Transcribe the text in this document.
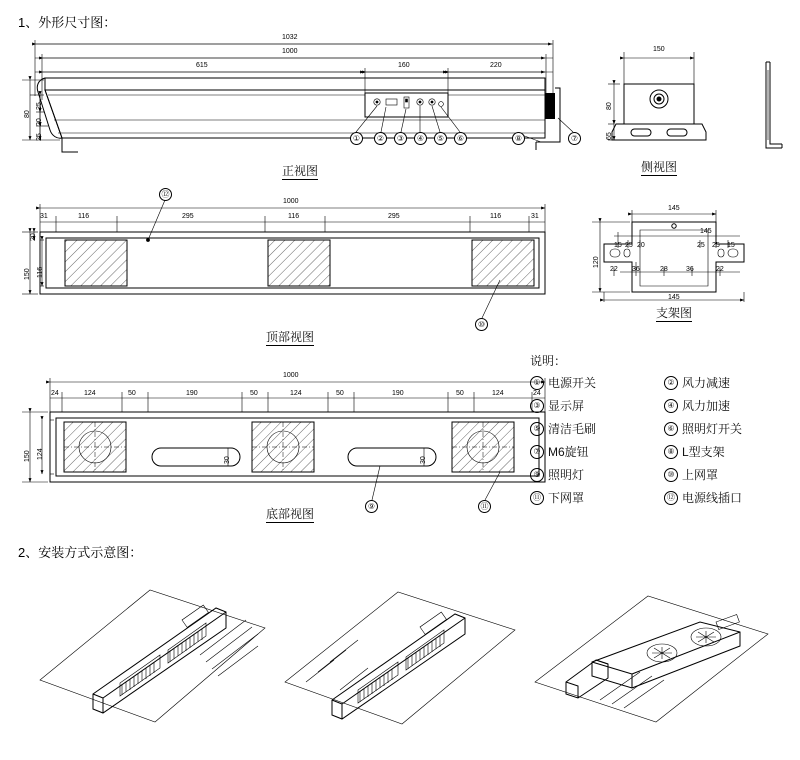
1、外形尺寸图：
2、安装方式示意图：
1032
1000
615	160	220
80
25
20
25
150
80
65
1000
31	116	295	116	295	116	31
150 116
20
145
145
120
145
15 25 20	25 25 15
22 36	28	36	22
1000
24	124	50	190	50	124	50	190	50	124	24
150 124
30	30
①	②	③	④	⑤	⑥	⑦
⑧
⑫
⑩
⑨	⑪
正视图	侧视图
顶部视图
支架图
底部视图
说明：
① 电源开关	② 风力减速
③ 显示屏	④ 风力加速
⑤ 清洁毛刷	⑥ 照明灯开关
⑦ M6旋钮	⑧ L型支架
⑨ 照明灯	⑩ 上网罩
⑪ 下网罩	⑫ 电源线插口
